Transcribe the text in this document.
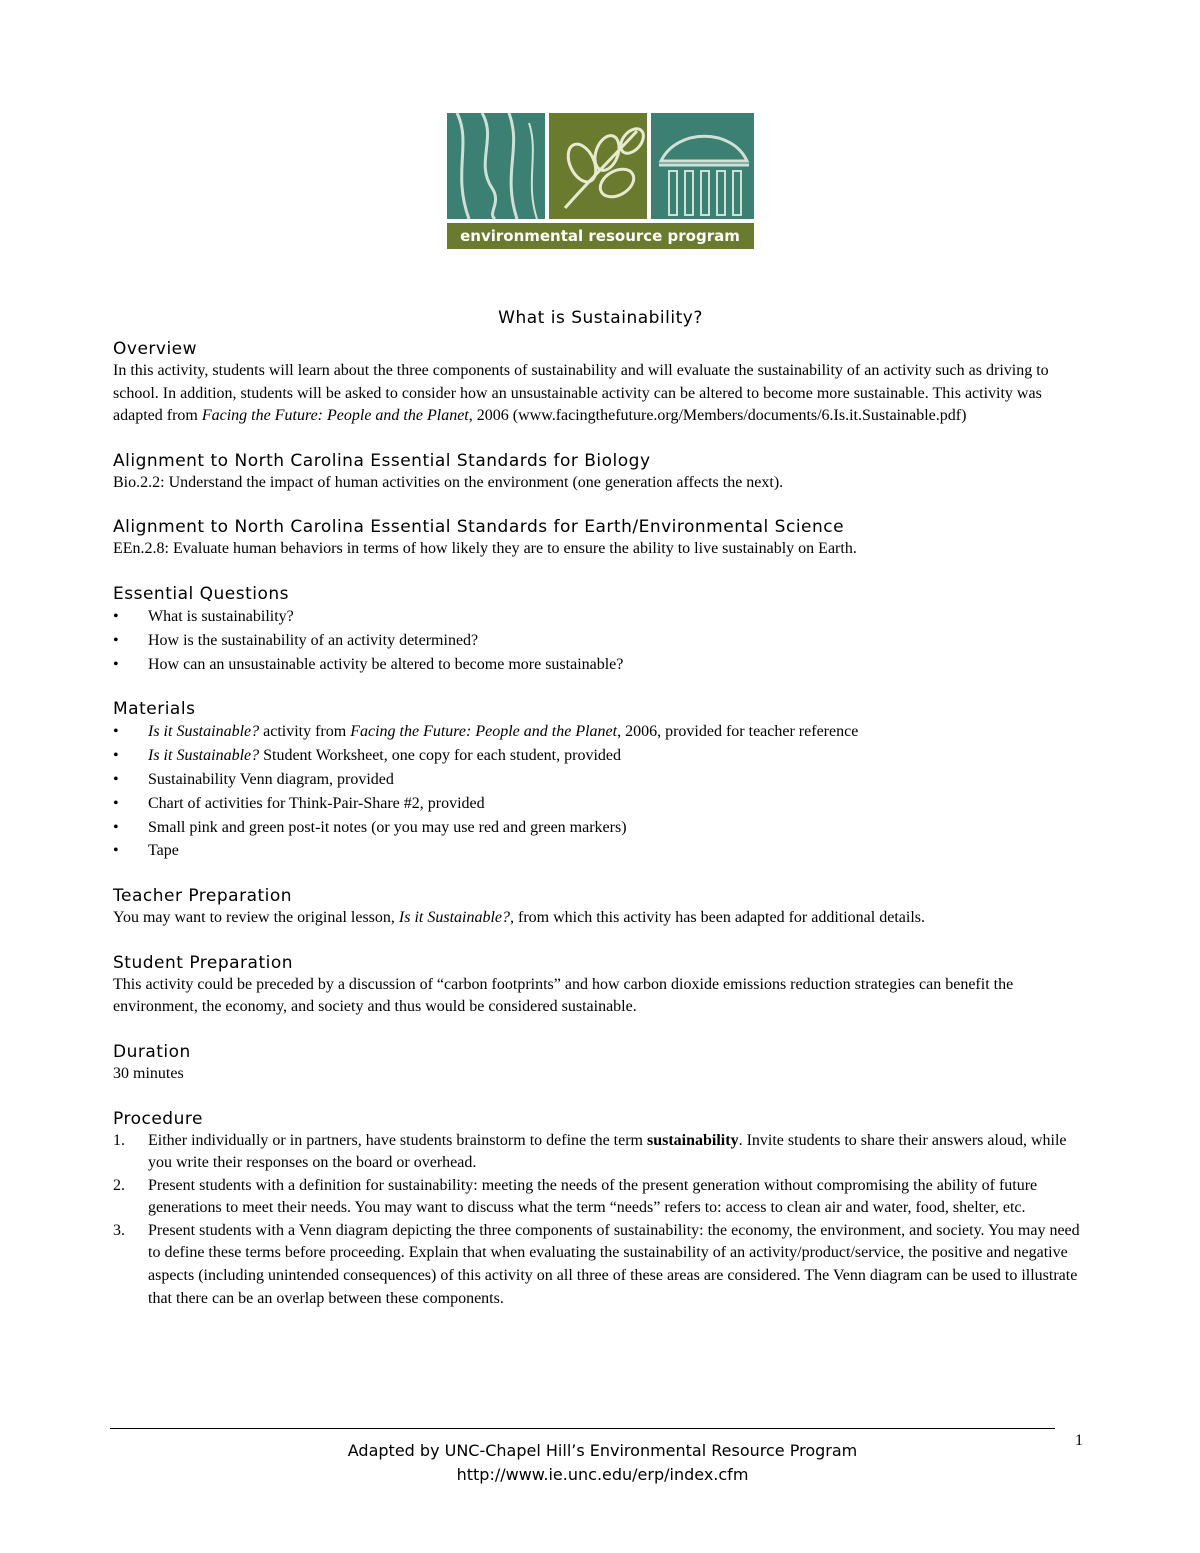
environmental resource program
What is Sustainability?
Overview

In this activity, students will learn about the three components of sustainability and will evaluate the sustainability of an activity such as driving to school. In addition, students will be asked to consider how an unsustainable activity can be altered to become more sustainable. This activity was adapted from Facing the Future: People and the Planet, 2006 (www.facingthefuture.org/Members/documents/6.Is.it.Sustainable.pdf)

Alignment to North Carolina Essential Standards for Biology

Bio.2.2: Understand the impact of human activities on the environment (one generation affects the next).

Alignment to North Carolina Essential Standards for Earth/Environmental Science

EEn.2.8: Evaluate human behaviors in terms of how likely they are to ensure the ability to live sustainably on Earth.

Essential Questions
• What is sustainability?
• How is the sustainability of an activity determined?
• How can an unsustainable activity be altered to become more sustainable?
Materials
• Is it Sustainable? activity from Facing the Future: People and the Planet, 2006, provided for teacher reference
• Is it Sustainable? Student Worksheet, one copy for each student, provided
• Sustainability Venn diagram, provided
• Chart of activities for Think-Pair-Share #2, provided
• Small pink and green post-it notes (or you may use red and green markers)
• Tape
Teacher Preparation

You may want to review the original lesson, Is it Sustainable?, from which this activity has been adapted for additional details.

Student Preparation

This activity could be preceded by a discussion of “carbon footprints” and how carbon dioxide emissions reduction strategies can benefit the environment, the economy, and society and thus would be considered sustainable.

Duration

30 minutes

Procedure
1. Either individually or in partners, have students brainstorm to define the term sustainability. Invite students to share their answers aloud, while you write their responses on the board or overhead.
2. Present students with a definition for sustainability: meeting the needs of the present generation without compromising the ability of future generations to meet their needs. You may want to discuss what the term “needs” refers to: access to clean air and water, food, shelter, etc.
3. Present students with a Venn diagram depicting the three components of sustainability: the economy, the environment, and society. You may need to define these terms before proceeding. Explain that when evaluating the sustainability of an activity/product/service, the positive and negative aspects (including unintended consequences) of this activity on all three of these areas are considered. The Venn diagram can be used to illustrate that there can be an overlap between these components.
Adapted by UNC-Chapel Hill’s Environmental Resource Program
http://www.ie.unc.edu/erp/index.cfm
1
